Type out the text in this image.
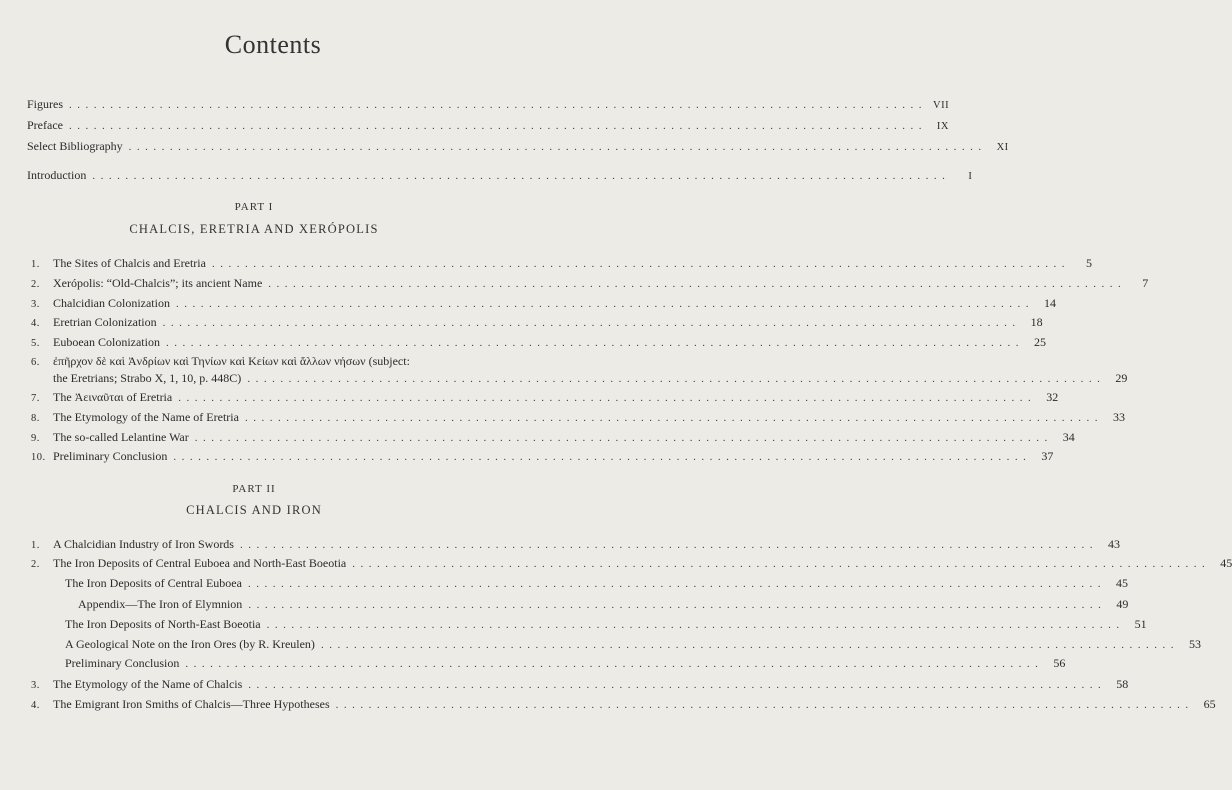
Contents
Figures ........................................................................................................ VII
Preface ........................................................................................................ IX
Select Bibliography ........................................................................................................ XI
Introduction ........................................................................................................	I
PART I
CHALCIS, ERETRIA AND XERÓPOLIS
1.	The Sites of Chalcis and Eretria ........................................................................................................	5
2.	Xerópolis: “Old-Chalcis”; its ancient Name ........................................................................................................	7
3.	Chalcidian Colonization ........................................................................................................ 14
4.	Eretrian Colonization ........................................................................................................ 18
5.	Euboean Colonization ........................................................................................................ 25
6. ἐπῆρχον δὲ καὶ Ἀνδρίων καὶ Τηνίων καὶ Κείων καὶ ἄλλων νήσων (subject:
the Eretrians; Strabo X, 1, 10, p. 448C) ........................................................................................................ 29
7.	The Ἀειναῦται of Eretria ........................................................................................................ 32
8.	The Etymology of the Name of Eretria ........................................................................................................ 33
9.	The so-called Lelantine War ........................................................................................................ 34
10. Preliminary Conclusion ........................................................................................................ 37
PART II
CHALCIS AND IRON
1.	A Chalcidian Industry of Iron Swords ........................................................................................................ 43
2.	The Iron Deposits of Central Euboea and North-East Boeotia ........................................................................................................ 45
The Iron Deposits of Central Euboea ........................................................................................................ 45
Appendix—The Iron of Elymnion ........................................................................................................ 49
The Iron Deposits of North-East Boeotia ........................................................................................................ 51
A Geological Note on the Iron Ores (by R. Kreulen) ........................................................................................................ 53
Preliminary Conclusion ........................................................................................................ 56
3.	The Etymology of the Name of Chalcis ........................................................................................................ 58
4.	The Emigrant Iron Smiths of Chalcis—Three Hypotheses ........................................................................................................ 65
